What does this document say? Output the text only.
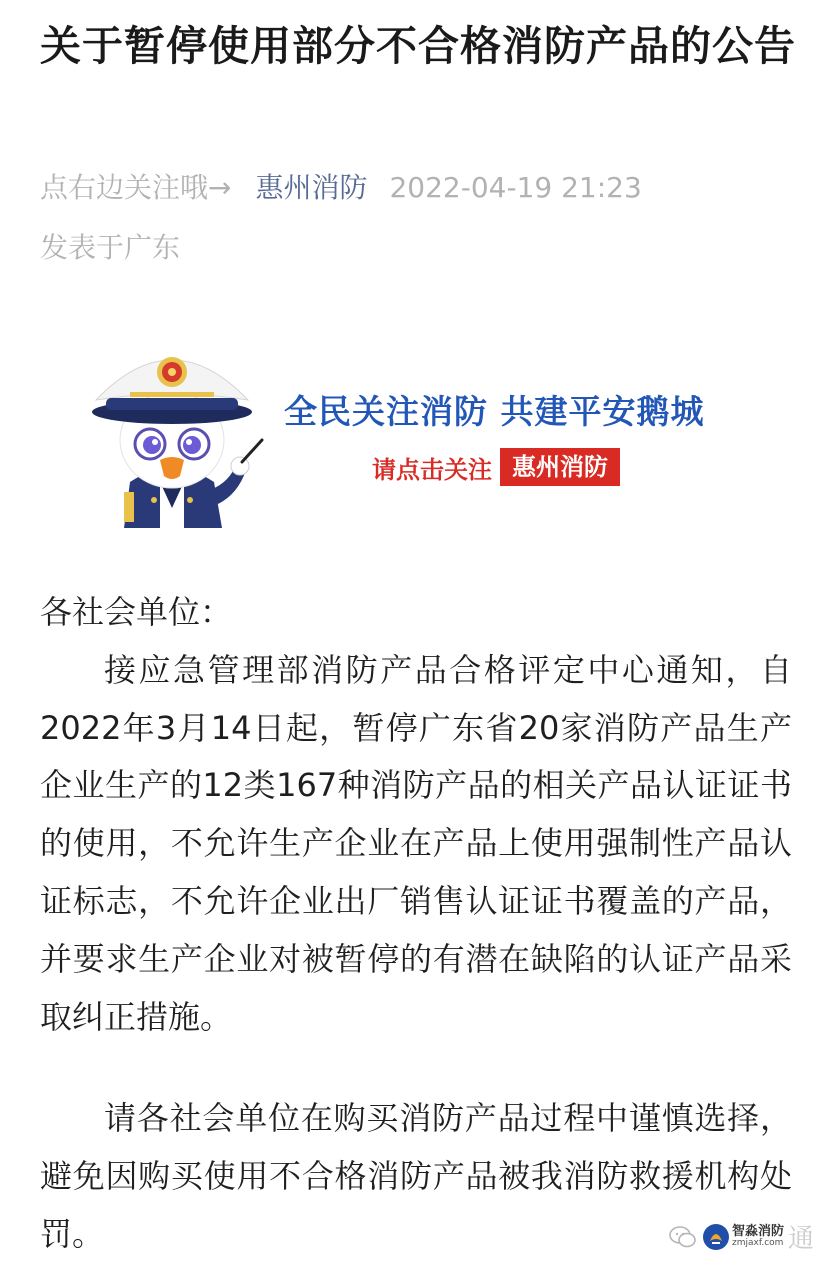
关于暂停使用部分不合格消防产品的公告
点右边关注哦→ 惠州消防 2022-04-19 21:23
发表于广东
全民关注消防 共建平安鹅城
请点击关注 惠州消防

各社会单位：

接应急管理部消防产品合格评定中心通知，自2022年3月14日起，暂停广东省20家消防产品生产企业生产的12类167种消防产品的相关产品认证证书的使用，不允许生产企业在产品上使用强制性产品认证标志，不允许企业出厂销售认证证书覆盖的产品，并要求生产企业对被暂停的有潜在缺陷的认证产品采取纠正措施。

请各社会单位在购买消防产品过程中谨慎选择，避免因购买使用不合格消防产品被我消防救援机构处罚。	智淼消防
zmjaxf.com 通
